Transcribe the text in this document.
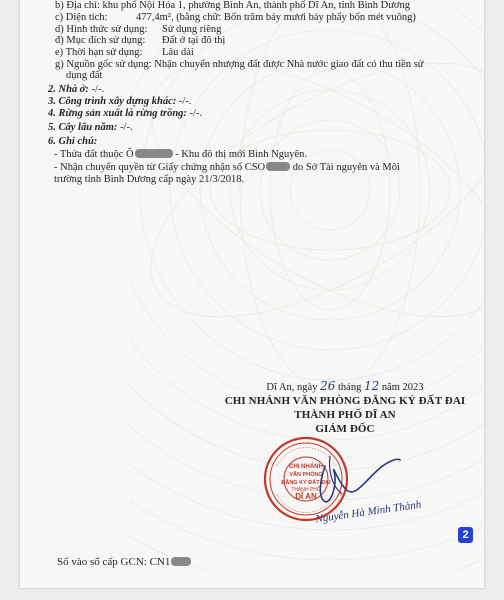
b) Địa chỉ: khu phố Nội Hóa 1, phường Bình An, thành phố Dĩ An, tỉnh Bình Dương
c) Diện tích:	477,4m², (bằng chữ: Bốn trăm bảy mươi bảy phẩy bốn mét vuông)
d) Hình thức sử dụng: Sử dụng riêng
đ) Mục đích sử dụng: Đất ở tại đô thị
e) Thời hạn sử dụng: Lâu dài
g) Nguồn gốc sử dụng: Nhận chuyển nhượng đất được Nhà nước giao đất có thu tiền sử
dụng đất
2. Nhà ở: -/-.
3. Công trình xây dựng khác: -/-.
4. Rừng sản xuất là rừng trồng: -/-.
5. Cây lâu năm: -/-.
6. Ghi chú:
- Thửa đất thuộc Ô	- Khu đô thị mới Bình Nguyên.
- Nhận chuyển quyền từ Giấy chứng nhận số CSO	do Sở Tài nguyên và Môi
trường tỉnh Bình Dương cấp ngày 21/3/2018.
Dĩ An, ngày 26 tháng 12 năm 2023
CHI NHÁNH VĂN PHÒNG ĐĂNG KÝ ĐẤT ĐAI
THÀNH PHỐ DĨ AN
GIÁM ĐỐC
CHI NHÁNH
VĂN PHÒNG
ĐĂNG KÝ ĐẤT ĐAI
THÀNH PHỐ
DĨ AN
Nguyễn Hà Minh Thành
2
Số vào sổ cấp GCN: CN1
